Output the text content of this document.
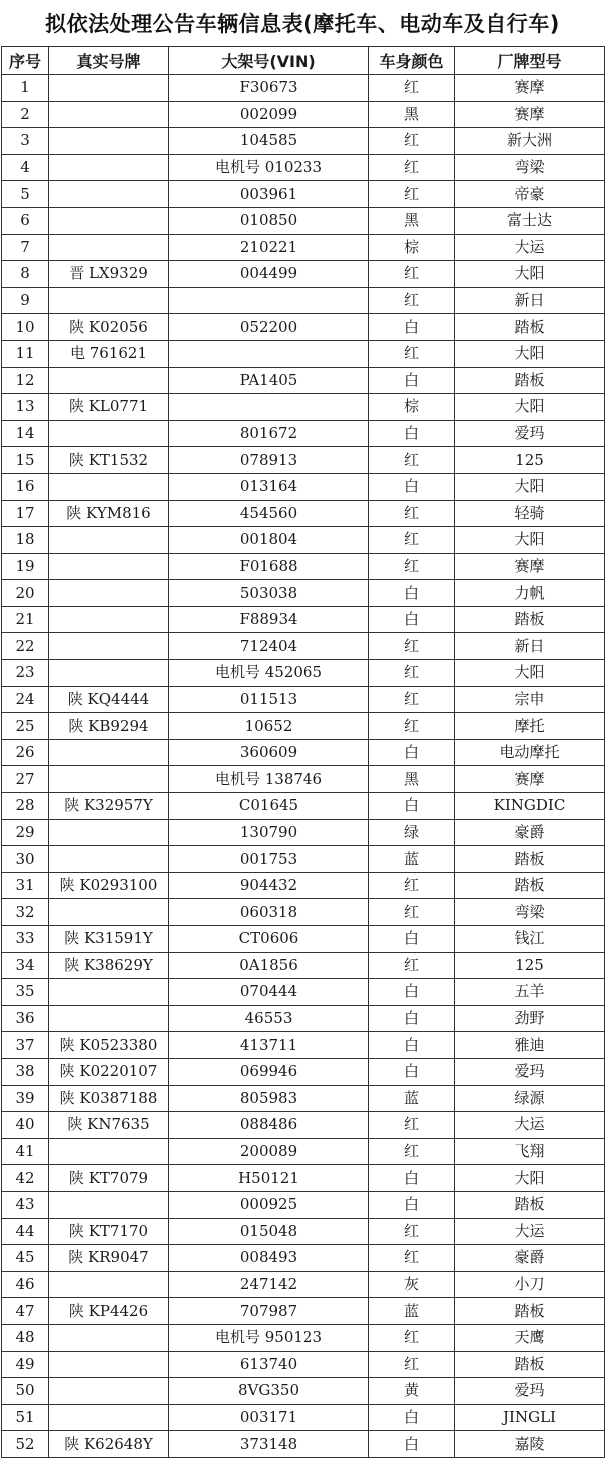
拟依法处理公告车辆信息表(摩托车、电动车及自行车)
序号	真实号牌	大架号(VIN)	车身颜色	厂牌型号
1		F30673	红	赛摩
2		002099	黑	赛摩
3		104585	红	新大洲
4		电机号 010233	红	弯梁
5		003961	红	帝豪
6		010850	黑	富士达
7		210221	棕	大运
8	晋 LX9329	004499	红	大阳
9			红	新日
10	陕 K02056	052200	白	踏板
11	电 761621		红	大阳
12		PA1405	白	踏板
13	陕 KL0771		棕	大阳
14		801672	白	爱玛
15	陕 KT1532	078913	红	125
16		013164	白	大阳
17	陕 KYM816	454560	红	轻骑
18		001804	红	大阳
19		F01688	红	赛摩
20		503038	白	力帆
21		F88934	白	踏板
22		712404	红	新日
23		电机号 452065	红	大阳
24	陕 KQ4444	011513	红	宗申
25	陕 KB9294	10652	红	摩托
26		360609	白	电动摩托
27		电机号 138746	黑	赛摩
28	陕 K32957Y	C01645	白	KINGDIC
29		130790	绿	豪爵
30		001753	蓝	踏板
31	陕 K0293100	904432	红	踏板
32		060318	红	弯梁
33	陕 K31591Y	CT0606	白	钱江
34	陕 K38629Y	0A1856	红	125
35		070444	白	五羊
36		46553	白	劲野
37	陕 K0523380	413711	白	雅迪
38	陕 K0220107	069946	白	爱玛
39	陕 K0387188	805983	蓝	绿源
40	陕 KN7635	088486	红	大运
41		200089	红	飞翔
42	陕 KT7079	H50121	白	大阳
43		000925	白	踏板
44	陕 KT7170	015048	红	大运
45	陕 KR9047	008493	红	豪爵
46		247142	灰	小刀
47	陕 KP4426	707987	蓝	踏板
48		电机号 950123	红	天鹰
49		613740	红	踏板
50		8VG350	黄	爱玛
51		003171	白	JINGLI
52	陕 K62648Y	373148	白	嘉陵
